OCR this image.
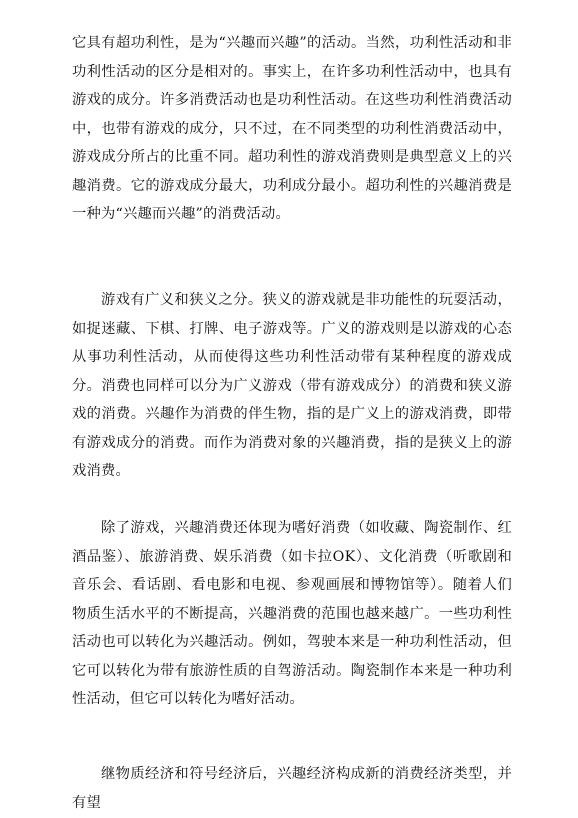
它具有超功利性，是为“兴趣而兴趣”的活动。当然，功利性活动和非功利性活动的区分是相对的。事实上，在许多功利性活动中，也具有游戏的成分。许多消费活动也是功利性活动。在这些功利性消费活动中，也带有游戏的成分，只不过，在不同类型的功利性消费活动中，游戏成分所占的比重不同。超功利性的游戏消费则是典型意义上的兴趣消费。它的游戏成分最大，功利成分最小。超功利性的兴趣消费是一种为“兴趣而兴趣”的消费活动。

游戏有广义和狭义之分。狭义的游戏就是非功能性的玩耍活动，如捉迷藏、下棋、打牌、电子游戏等。广义的游戏则是以游戏的心态从事功利性活动，从而使得这些功利性活动带有某种程度的游戏成分。消费也同样可以分为广义游戏（带有游戏成分）的消费和狭义游戏的消费。兴趣作为消费的伴生物，指的是广义上的游戏消费，即带有游戏成分的消费。而作为消费对象的兴趣消费，指的是狭义上的游戏消费。

除了游戏，兴趣消费还体现为嗜好消费（如收藏、陶瓷制作、红酒品鉴）、旅游消费、娱乐消费（如卡拉OK）、文化消费（听歌剧和音乐会、看话剧、看电影和电视、参观画展和博物馆等）。随着人们物质生活水平的不断提高，兴趣消费的范围也越来越广。一些功利性活动也可以转化为兴趣活动。例如，驾驶本来是一种功利性活动，但它可以转化为带有旅游性质的自驾游活动。陶瓷制作本来是一种功利性活动，但它可以转化为嗜好活动。

继物质经济和符号经济后，兴趣经济构成新的消费经济类型，并有望
